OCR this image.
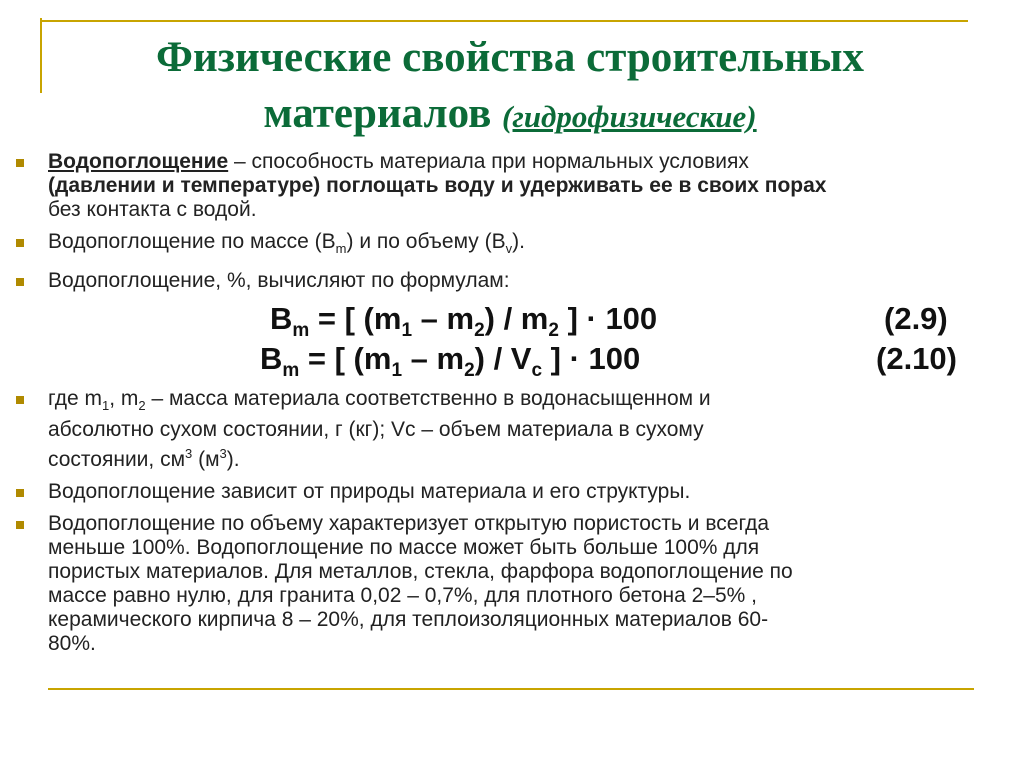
Физические свойства строительных
материалов (гидрофизические)
Водопоглощение – способность материала при нормальных условиях
(давлении и температуре) поглощать воду и удерживать ее в своих порах
без контакта с водой.
Водопоглощение по массе $(В_m)$ и по объему $(В_v)$.
Водопоглощение, %, вычисляют по формулам:
$B_m$ = [ $(m_1 - m_2) / m_2$ ] · 100	(2.9)
$B_m$ = [ $(m_1 - m_2) / V_c$ ] · 100	(2.10)
где $m_1$, $m_2$ – масса материала соответственно в водонасыщенном и
абсолютно сухом состоянии, г (кг); Vc – объем материала в сухому
состоянии, $см^3$ $(м^3)$.
Водопоглощение зависит от природы материала и его структуры.
Водопоглощение по объему характеризует открытую пористость и всегда
меньше 100%. Водопоглощение по массе может быть больше 100% для
пористых материалов. Для металлов, стекла, фарфора водопоглощение по
массе равно нулю, для гранита 0,02 – 0,7%, для плотного бетона 2–5% ,
керамического кирпича 8 – 20%, для теплоизоляционных материалов 60-
80%.
